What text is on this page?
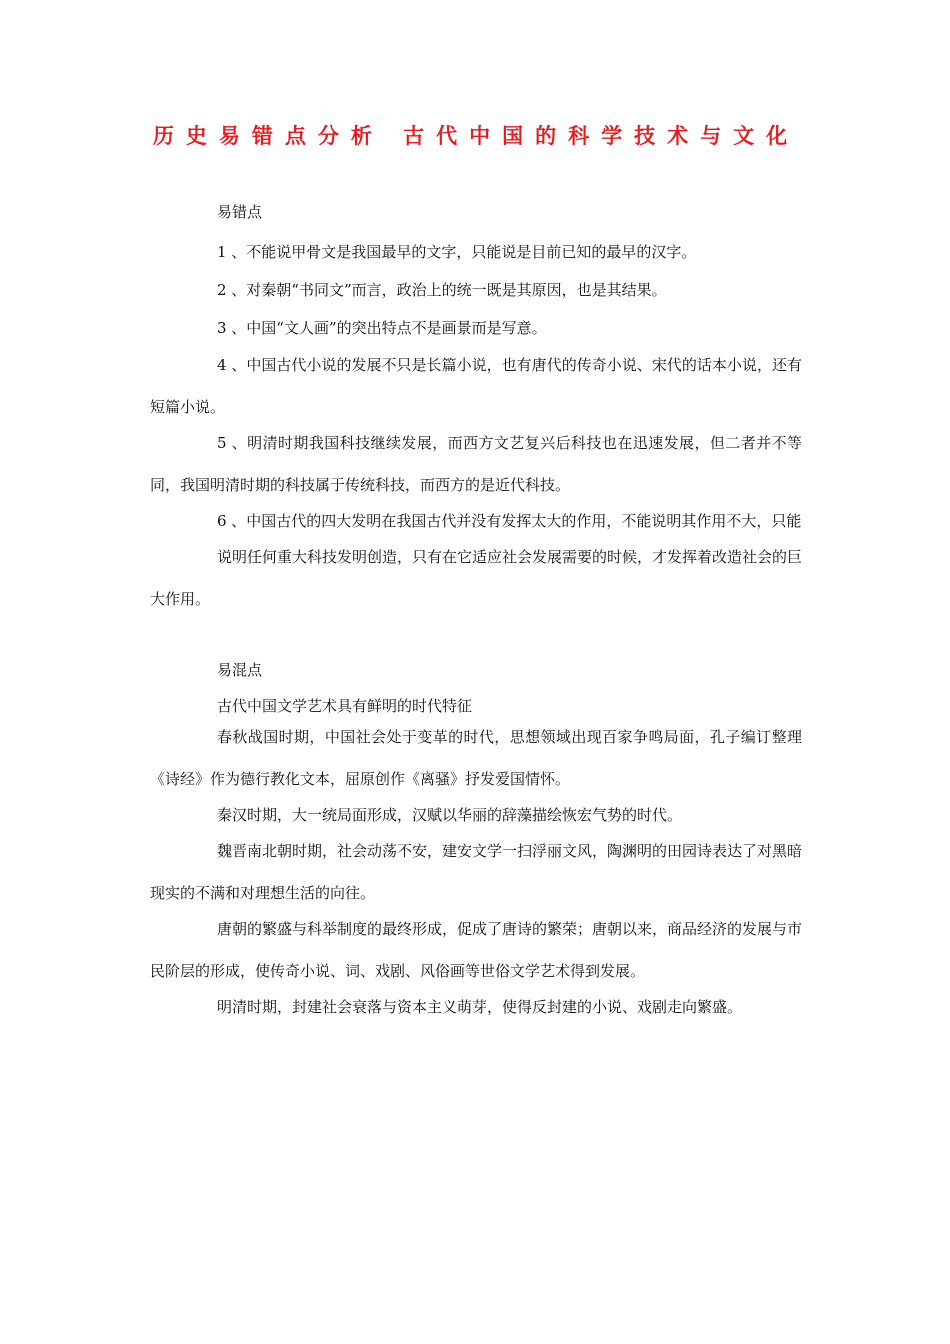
历史易错点分析 古代中国的科学技术与文化

易错点

1 、不能说甲骨文是我国最早的文字，只能说是目前已知的最早的汉字。

2 、对秦朝“书同文”而言，政治上的统一既是其原因，也是其结果。

3 、中国“文人画”的突出特点不是画景而是写意。

4 、中国古代小说的发展不只是长篇小说，也有唐代的传奇小说、宋代的话本小说，还有 短篇小说。

5 、明清时期我国科技继续发展，而西方文艺复兴后科技也在迅速发展，但二者并不等同，我国明清时期的科技属于传统科技，而西方的是近代科技。

6 、中国古代的四大发明在我国古代并没有发挥太大的作用，不能说明其作用不大，只能

说明任何重大科技发明创造，只有在它适应社会发展需要的时候，才发挥着改造社会的巨大作用。

易混点

古代中国文学艺术具有鲜明的时代特征

春秋战国时期，中国社会处于变革的时代，思想领域出现百家争鸣局面，孔子编订整理《诗经》作为德行教化文本，屈原创作《离骚》抒发爱国情怀。

秦汉时期，大一统局面形成，汉赋以华丽的辞藻描绘恢宏气势的时代。

魏晋南北朝时期，社会动荡不安，建安文学一扫浮丽文风，陶渊明的田园诗表达了对黑暗现实的不满和对理想生活的向往。

唐朝的繁盛与科举制度的最终形成，促成了唐诗的繁荣；唐朝以来，商品经济的发展与市民阶层的形成，使传奇小说、词、戏剧、风俗画等世俗文学艺术得到发展。

明清时期，封建社会衰落与资本主义萌芽，使得反封建的小说、戏剧走向繁盛。
